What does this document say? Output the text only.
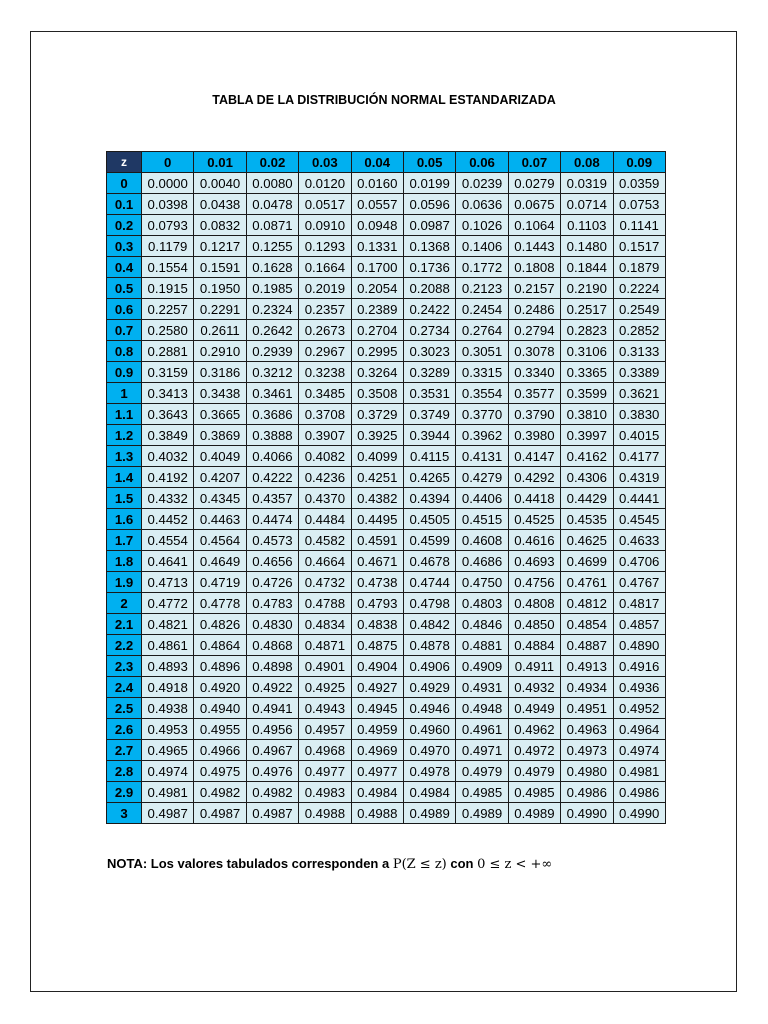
TABLA DE LA DISTRIBUCIÓN NORMAL ESTANDARIZADA
z	0	0.01	0.02	0.03	0.04	0.05	0.06	0.07	0.08	0.09
0	0.0000	0.0040	0.0080	0.0120	0.0160	0.0199	0.0239	0.0279	0.0319	0.0359
0.1	0.0398	0.0438	0.0478	0.0517	0.0557	0.0596	0.0636	0.0675	0.0714	0.0753
0.2	0.0793	0.0832	0.0871	0.0910	0.0948	0.0987	0.1026	0.1064	0.1103	0.1141
0.3	0.1179	0.1217	0.1255	0.1293	0.1331	0.1368	0.1406	0.1443	0.1480	0.1517
0.4	0.1554	0.1591	0.1628	0.1664	0.1700	0.1736	0.1772	0.1808	0.1844	0.1879
0.5	0.1915	0.1950	0.1985	0.2019	0.2054	0.2088	0.2123	0.2157	0.2190	0.2224
0.6	0.2257	0.2291	0.2324	0.2357	0.2389	0.2422	0.2454	0.2486	0.2517	0.2549
0.7	0.2580	0.2611	0.2642	0.2673	0.2704	0.2734	0.2764	0.2794	0.2823	0.2852
0.8	0.2881	0.2910	0.2939	0.2967	0.2995	0.3023	0.3051	0.3078	0.3106	0.3133
0.9	0.3159	0.3186	0.3212	0.3238	0.3264	0.3289	0.3315	0.3340	0.3365	0.3389
1	0.3413	0.3438	0.3461	0.3485	0.3508	0.3531	0.3554	0.3577	0.3599	0.3621
1.1	0.3643	0.3665	0.3686	0.3708	0.3729	0.3749	0.3770	0.3790	0.3810	0.3830
1.2	0.3849	0.3869	0.3888	0.3907	0.3925	0.3944	0.3962	0.3980	0.3997	0.4015
1.3	0.4032	0.4049	0.4066	0.4082	0.4099	0.4115	0.4131	0.4147	0.4162	0.4177
1.4	0.4192	0.4207	0.4222	0.4236	0.4251	0.4265	0.4279	0.4292	0.4306	0.4319
1.5	0.4332	0.4345	0.4357	0.4370	0.4382	0.4394	0.4406	0.4418	0.4429	0.4441
1.6	0.4452	0.4463	0.4474	0.4484	0.4495	0.4505	0.4515	0.4525	0.4535	0.4545
1.7	0.4554	0.4564	0.4573	0.4582	0.4591	0.4599	0.4608	0.4616	0.4625	0.4633
1.8	0.4641	0.4649	0.4656	0.4664	0.4671	0.4678	0.4686	0.4693	0.4699	0.4706
1.9	0.4713	0.4719	0.4726	0.4732	0.4738	0.4744	0.4750	0.4756	0.4761	0.4767
2	0.4772	0.4778	0.4783	0.4788	0.4793	0.4798	0.4803	0.4808	0.4812	0.4817
2.1	0.4821	0.4826	0.4830	0.4834	0.4838	0.4842	0.4846	0.4850	0.4854	0.4857
2.2	0.4861	0.4864	0.4868	0.4871	0.4875	0.4878	0.4881	0.4884	0.4887	0.4890
2.3	0.4893	0.4896	0.4898	0.4901	0.4904	0.4906	0.4909	0.4911	0.4913	0.4916
2.4	0.4918	0.4920	0.4922	0.4925	0.4927	0.4929	0.4931	0.4932	0.4934	0.4936
2.5	0.4938	0.4940	0.4941	0.4943	0.4945	0.4946	0.4948	0.4949	0.4951	0.4952
2.6	0.4953	0.4955	0.4956	0.4957	0.4959	0.4960	0.4961	0.4962	0.4963	0.4964
2.7	0.4965	0.4966	0.4967	0.4968	0.4969	0.4970	0.4971	0.4972	0.4973	0.4974
2.8	0.4974	0.4975	0.4976	0.4977	0.4977	0.4978	0.4979	0.4979	0.4980	0.4981
2.9	0.4981	0.4982	0.4982	0.4983	0.4984	0.4984	0.4985	0.4985	0.4986	0.4986
3	0.4987	0.4987	0.4987	0.4988	0.4988	0.4989	0.4989	0.4989	0.4990	0.4990
NOTA: Los valores tabulados corresponden a P(Z ≤ z) con 0 ≤ z < +∞
